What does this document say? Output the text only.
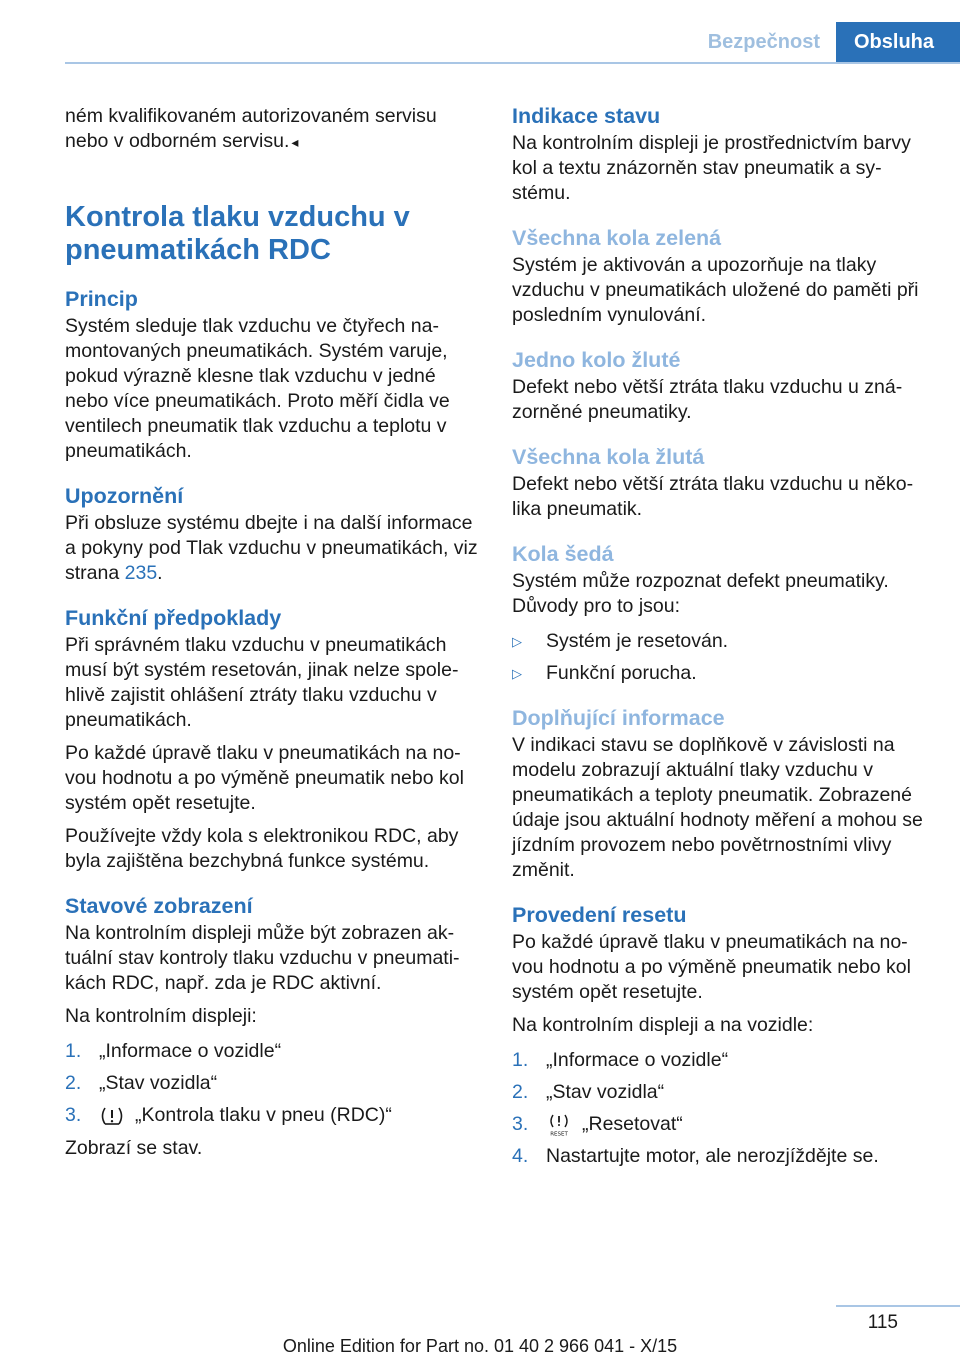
Bezpečnost	Obsluha

ném kvalifikovaném autorizovaném servisu nebo v odborném servisu. ◂

Kontrola tlaku vzduchu v pneumatikách RDC
Princip

Systém sleduje tlak vzduchu ve čtyřech namontovaných pneumatikách. Systém varuje, pokud výrazně klesne tlak vzduchu v jedné nebo více pneumatikách. Proto měří čidla ve ventilech pneumatik tlak vzduchu a teplotu v pneumatikách.

Upozornění

Při obsluze systému dbejte i na další informace a pokyny pod Tlak vzduchu v pneumatikách, viz strana 235.

Funkční předpoklady

Při správném tlaku vzduchu v pneumatikách musí být systém resetován, jinak nelze spolehlivě zajistit ohlášení ztráty tlaku vzduchu v pneumatikách.

Po každé úpravě tlaku v pneumatikách na novou hodnotu a po výměně pneumatik nebo kol systém opět resetujte.

Používejte vždy kola s elektronikou RDC, aby byla zajištěna bezchybná funkce systému.

Stavové zobrazení

Na kontrolním displeji může být zobrazen aktuální stav kontroly tlaku vzduchu v pneumatikách RDC, např. zda je RDC aktivní.

Na kontrolním displeji:

1. „Informace o vozidle“
2. „Stav vozidla“
3.	„Kontrola tlaku v pneu (RDC)“

Zobrazí se stav.

Indikace stavu

Na kontrolním displeji je prostřednictvím barvy kol a textu znázorněn stav pneumatik a systému.

Všechna kola zelená

Systém je aktivován a upozorňuje na tlaky vzduchu v pneumatikách uložené do paměti při posledním vynulování.

Jedno kolo žluté

Defekt nebo větší ztráta tlaku vzduchu u znázorněné pneumatiky.

Všechna kola žlutá

Defekt nebo větší ztráta tlaku vzduchu u několika pneumatik.

Kola šedá

Systém může rozpoznat defekt pneumatiky. Důvody pro to jsou:

▷	Systém je resetován.
▷	Funkční porucha.
Doplňující informace

V indikaci stavu se doplňkově v závislosti na modelu zobrazují aktuální tlaky vzduchu v pneumatikách a teploty pneumatik. Zobrazené údaje jsou aktuální hodnoty měření a mohou se jízdním provozem nebo povětrnostními vlivy změnit.

Provedení resetu

Po každé úpravě tlaku v pneumatikách na novou hodnotu a po výměně pneumatik nebo kol systém opět resetujte.

Na kontrolním displeji a na vozidle:

1. „Informace o vozidle“
2. „Stav vozidla“
3.	RESET „Resetovat“
4. Nastartujte motor, ale nerozjíždějte se.
115
Online Edition for Part no. 01 40 2 966 041 - X/15
